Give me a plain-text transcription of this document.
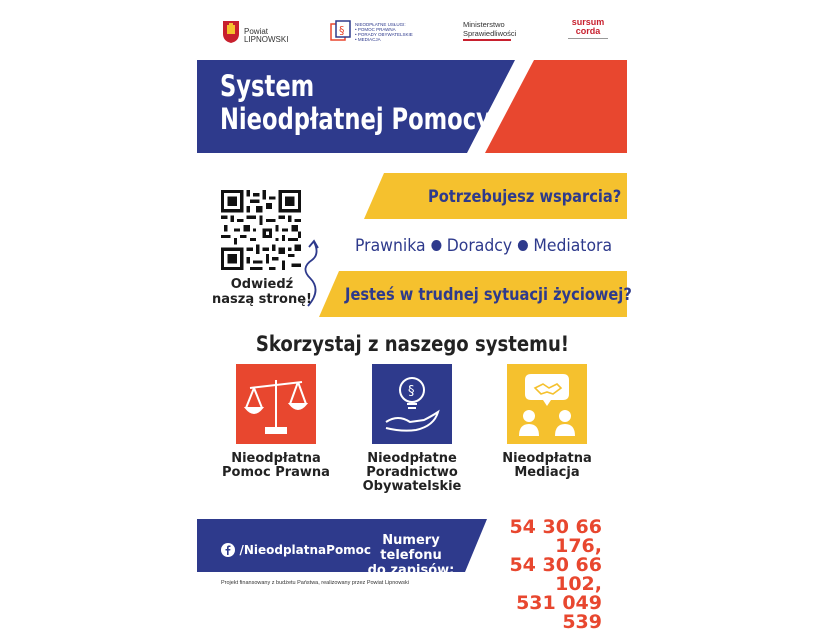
Powiat
LIPNOWSKI
§ NIEODPŁATNE USŁUGI:
• POMOC PRAWNA
• PORADY OBYWATELSKIE
• MEDIACJA
Ministerstwo
Sprawiedliwości
sursum
corda
System
Nieodpłatnej Pomocy
Odwiedź
naszą stronę!
Potrzebujesz wsparcia?
Prawnika Doradcy Mediatora
Jesteś w trudnej sytuacji życiowej?
Skorzystaj z naszego systemu!
Nieodpłatna
Pomoc Prawna
§
Nieodpłatne
Poradnictwo
Obywatelskie
Nieodpłatna
Mediacja
/NieodplatnaPomoc
Numery telefonu
do zapisów:
54 30 66 176,
54 30 66 102,
531 049 539
Projekt finansowany z budżetu Państwa, realizowany przez Powiat Lipnowski
